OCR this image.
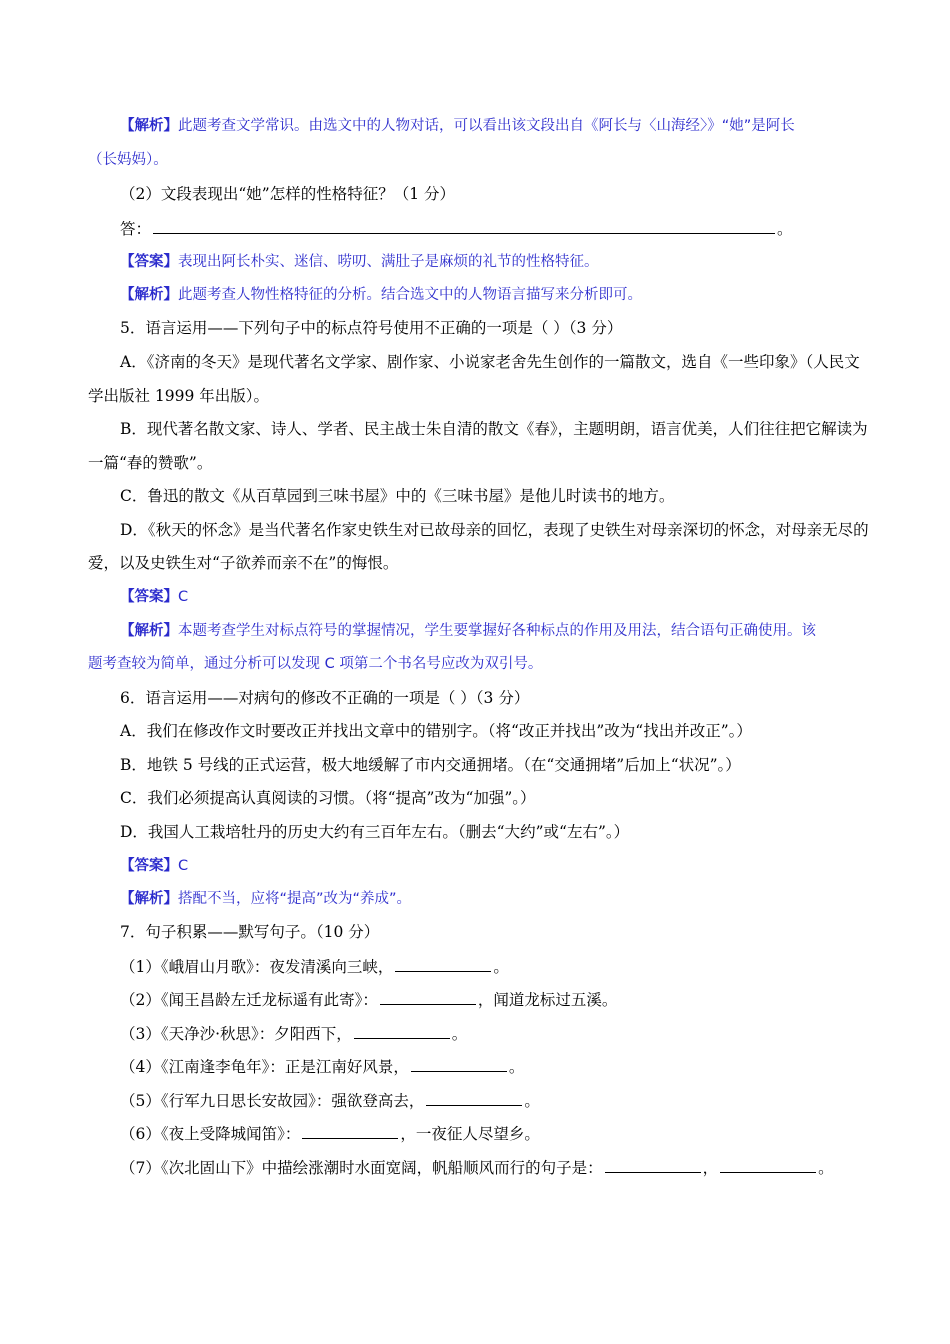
【解析】此题考查文学常识。由选文中的人物对话，可以看出该文段出自《阿长与〈山海经〉》“她”是阿长
（长妈妈）。
（2）文段表现出“她”怎样的性格特征？（1 分）
答：	。
【答案】表现出阿长朴实、迷信、唠叨、满肚子是麻烦的礼节的性格特征。
【解析】此题考查人物性格特征的分析。结合选文中的人物语言描写来分析即可。
5．语言运用——下列句子中的标点符号使用不正确的一项是（ ）（3 分）
A．《济南的冬天》是现代著名文学家、剧作家、小说家老舍先生创作的一篇散文，选自《一些印象》（人民文
学出版社 1999 年出版）。
B．现代著名散文家、诗人、学者、民主战士朱自清的散文《春》，主题明朗，语言优美，人们往往把它解读为
一篇“春的赞歌”。
C．鲁迅的散文《从百草园到三味书屋》中的《三味书屋》是他儿时读书的地方。
D．《秋天的怀念》是当代著名作家史铁生对已故母亲的回忆，表现了史铁生对母亲深切的怀念，对母亲无尽的
爱，以及史铁生对“子欲养而亲不在”的悔恨。
【答案】C
【解析】本题考查学生对标点符号的掌握情况，学生要掌握好各种标点的作用及用法，结合语句正确使用。该
题考查较为简单，通过分析可以发现 C 项第二个书名号应改为双引号。
6．语言运用——对病句的修改不正确的一项是（ ）（3 分）
A．我们在修改作文时要改正并找出文章中的错别字。（将“改正并找出”改为“找出并改正”。）
B．地铁 5 号线的正式运营，极大地缓解了市内交通拥堵。（在“交通拥堵”后加上“状况”。）
C．我们必须提高认真阅读的习惯。（将“提高”改为“加强”。）
D．我国人工栽培牡丹的历史大约有三百年左右。（删去“大约”或“左右”。）
【答案】C
【解析】搭配不当，应将“提高”改为“养成”。
7．句子积累——默写句子。（10 分）
（1）《峨眉山月歌》：夜发清溪向三峡，	。
（2）《闻王昌龄左迁龙标遥有此寄》：	，闻道龙标过五溪。
（3）《天净沙·秋思》：夕阳西下，	。
（4）《江南逢李龟年》：正是江南好风景，	。
（5）《行军九日思长安故园》：强欲登高去，	。
（6）《夜上受降城闻笛》：	，一夜征人尽望乡。
（7）《次北固山下》中描绘涨潮时水面宽阔，帆船顺风而行的句子是：	，	。
